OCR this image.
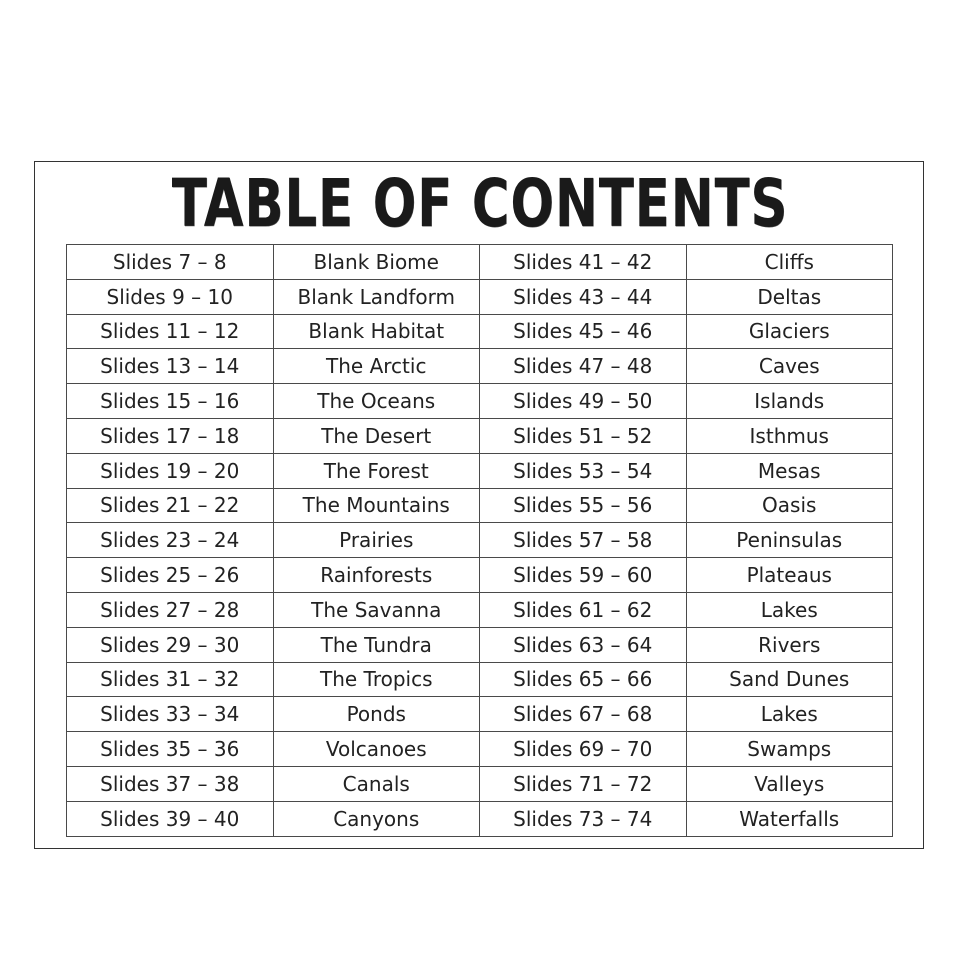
TABLE OF CONTENTS
Slides 7 – 8	Blank Biome	Slides 41 – 42	Cliffs
Slides 9 – 10	Blank Landform	Slides 43 – 44	Deltas
Slides 11 – 12	Blank Habitat	Slides 45 – 46	Glaciers
Slides 13 – 14	The Arctic	Slides 47 – 48	Caves
Slides 15 – 16	The Oceans	Slides 49 – 50	Islands
Slides 17 – 18	The Desert	Slides 51 – 52	Isthmus
Slides 19 – 20	The Forest	Slides 53 – 54	Mesas
Slides 21 – 22	The Mountains	Slides 55 – 56	Oasis
Slides 23 – 24	Prairies	Slides 57 – 58	Peninsulas
Slides 25 – 26	Rainforests	Slides 59 – 60	Plateaus
Slides 27 – 28	The Savanna	Slides 61 – 62	Lakes
Slides 29 – 30	The Tundra	Slides 63 – 64	Rivers
Slides 31 – 32	The Tropics	Slides 65 – 66	Sand Dunes
Slides 33 – 34	Ponds	Slides 67 – 68	Lakes
Slides 35 – 36	Volcanoes	Slides 69 – 70	Swamps
Slides 37 – 38	Canals	Slides 71 – 72	Valleys
Slides 39 – 40	Canyons	Slides 73 – 74	Waterfalls
